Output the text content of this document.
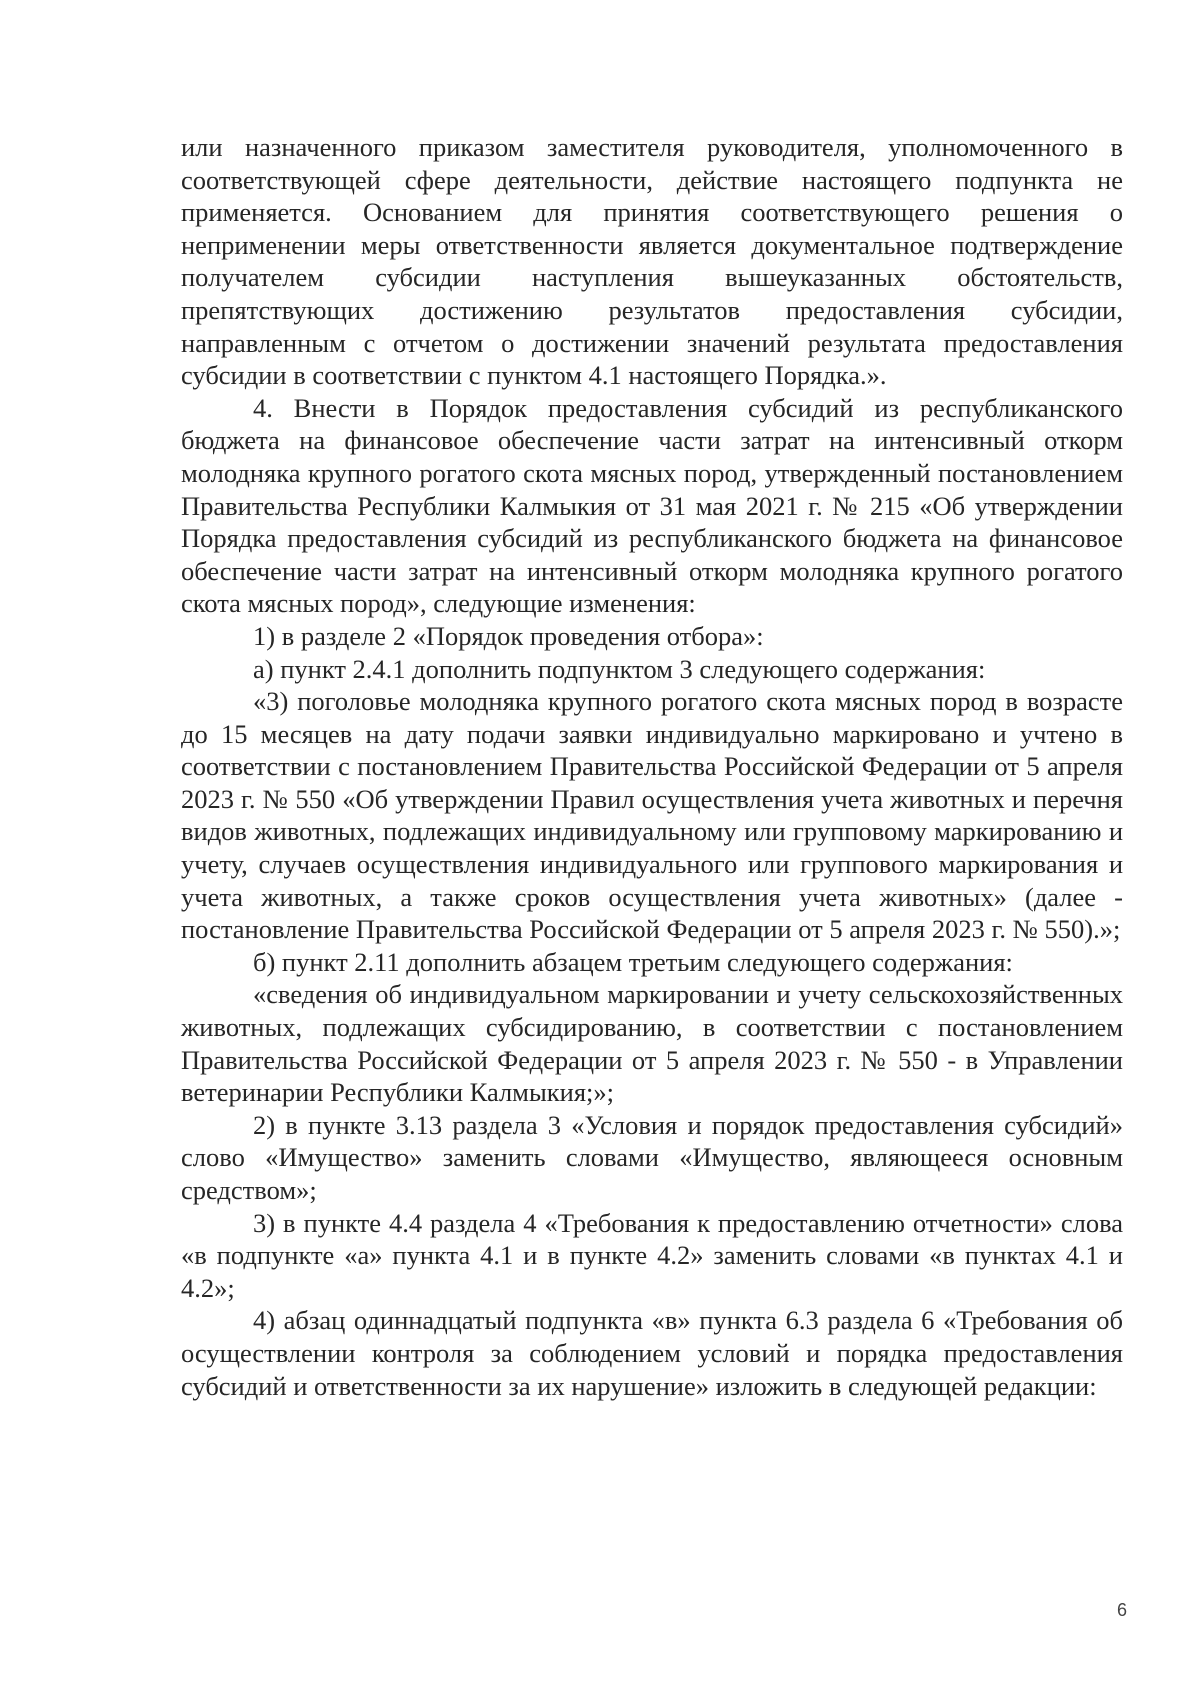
или назначенного приказом заместителя руководителя, уполномоченного в соответствующей сфере деятельности, действие настоящего подпункта не применяется. Основанием для принятия соответствующего решения о неприменении меры ответственности является документальное подтверждение получателем субсидии наступления вышеуказанных обстоятельств, препятствующих достижению результатов предоставления субсидии, направленным с отчетом о достижении значений результата предоставления субсидии в соответствии с пунктом 4.1 настоящего Порядка.».

4. Внести в Порядок предоставления субсидий из республиканского бюджета на финансовое обеспечение части затрат на интенсивный откорм молодняка крупного рогатого скота мясных пород, утвержденный постановлением Правительства Республики Калмыкия от 31 мая 2021 г. № 215 «Об утверждении Порядка предоставления субсидий из республиканского бюджета на финансовое обеспечение части затрат на интенсивный откорм молодняка крупного рогатого скота мясных пород», следующие изменения:

1) в разделе 2 «Порядок проведения отбора»:

а) пункт 2.4.1 дополнить подпунктом 3 следующего содержания:

«3) поголовье молодняка крупного рогатого скота мясных пород в возрасте до 15 месяцев на дату подачи заявки индивидуально маркировано и учтено в соответствии с постановлением Правительства Российской Федерации от 5 апреля 2023 г. № 550 «Об утверждении Правил осуществления учета животных и перечня видов животных, подлежащих индивидуальному или групповому маркированию и учету, случаев осуществления индивидуального или группового маркирования и учета животных, а также сроков осуществления учета животных» (далее - постановление Правительства Российской Федерации от 5 апреля 2023 г. № 550).»;

б) пункт 2.11 дополнить абзацем третьим следующего содержания:

«сведения об индивидуальном маркировании и учету сельскохозяйственных животных, подлежащих субсидированию, в соответствии с постановлением Правительства Российской Федерации от 5 апреля 2023 г. № 550 - в Управлении ветеринарии Республики Калмыкия;»;

2) в пункте 3.13 раздела 3 «Условия и порядок предоставления субсидий» слово «Имущество» заменить словами «Имущество, являющееся основным средством»;

3) в пункте 4.4 раздела 4 «Требования к предоставлению отчетности» слова «в подпункте «а» пункта 4.1 и в пункте 4.2» заменить словами «в пунктах 4.1 и 4.2»;

4) абзац одиннадцатый подпункта «в» пункта 6.3 раздела 6 «Требования об осуществлении контроля за соблюдением условий и порядка предоставления субсидий и ответственности за их нарушение» изложить в следующей редакции:

6
